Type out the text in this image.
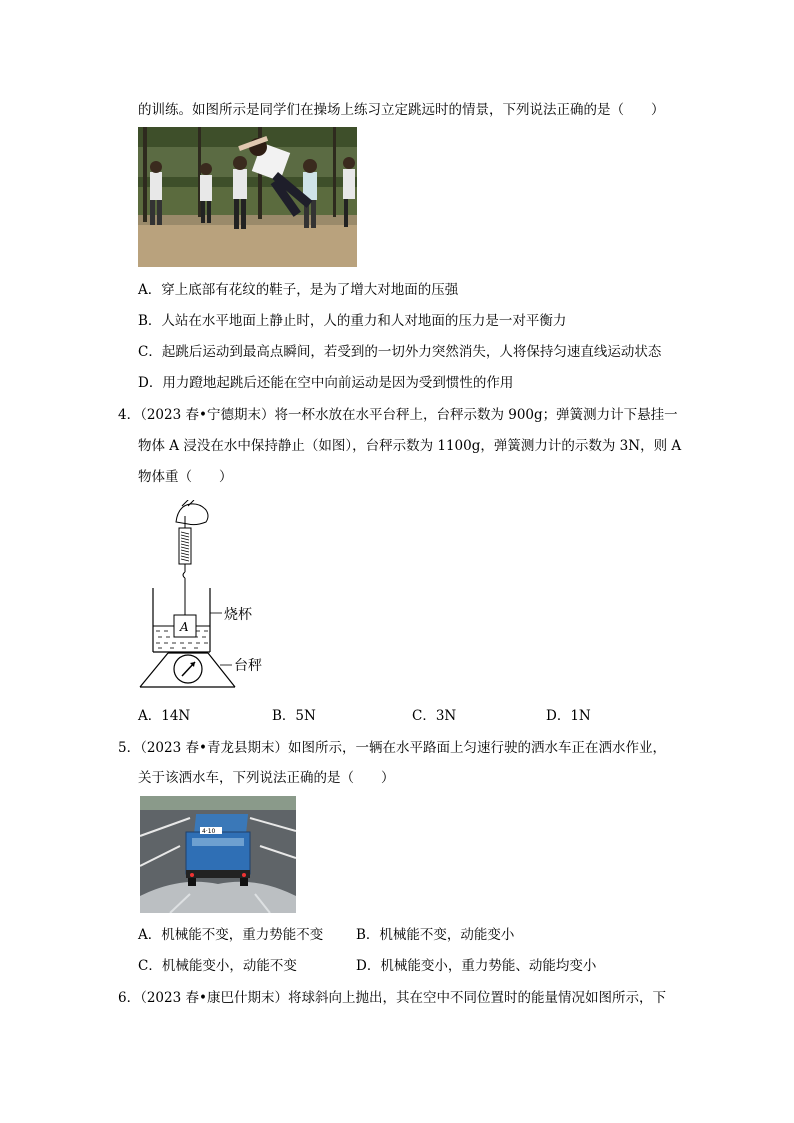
的训练。如图所示是同学们在操场上练习立定跳远时的情景，下列说法正确的是（　　）
A．穿上底部有花纹的鞋子，是为了增大对地面的压强
B．人站在水平地面上静止时，人的重力和人对地面的压力是一对平衡力
C．起跳后运动到最高点瞬间，若受到的一切外力突然消失，人将保持匀速直线运动状态
D．用力蹬地起跳后还能在空中向前运动是因为受到惯性的作用
4．（2023 春•宁德期末）将一杯水放在水平台秤上，台秤示数为 900g；弹簧测力计下悬挂一
物体 A 浸没在水中保持静止（如图），台秤示数为 1100g，弹簧测力计的示数为 3N，则 A
物体重（　　）
A
烧杯
台秤
A．14N	B．5N	C．3N	D．1N
5．（2023 春•青龙县期末）如图所示，一辆在水平路面上匀速行驶的洒水车正在洒水作业，
关于该洒水车，下列说法正确的是（　　）
4·10
A．机械能不变，重力势能不变 B．机械能不变，动能变小
C．机械能变小，动能不变	D．机械能变小，重力势能、动能均变小
6．（2023 春•康巴什期末）将球斜向上抛出，其在空中不同位置时的能量情况如图所示，下
